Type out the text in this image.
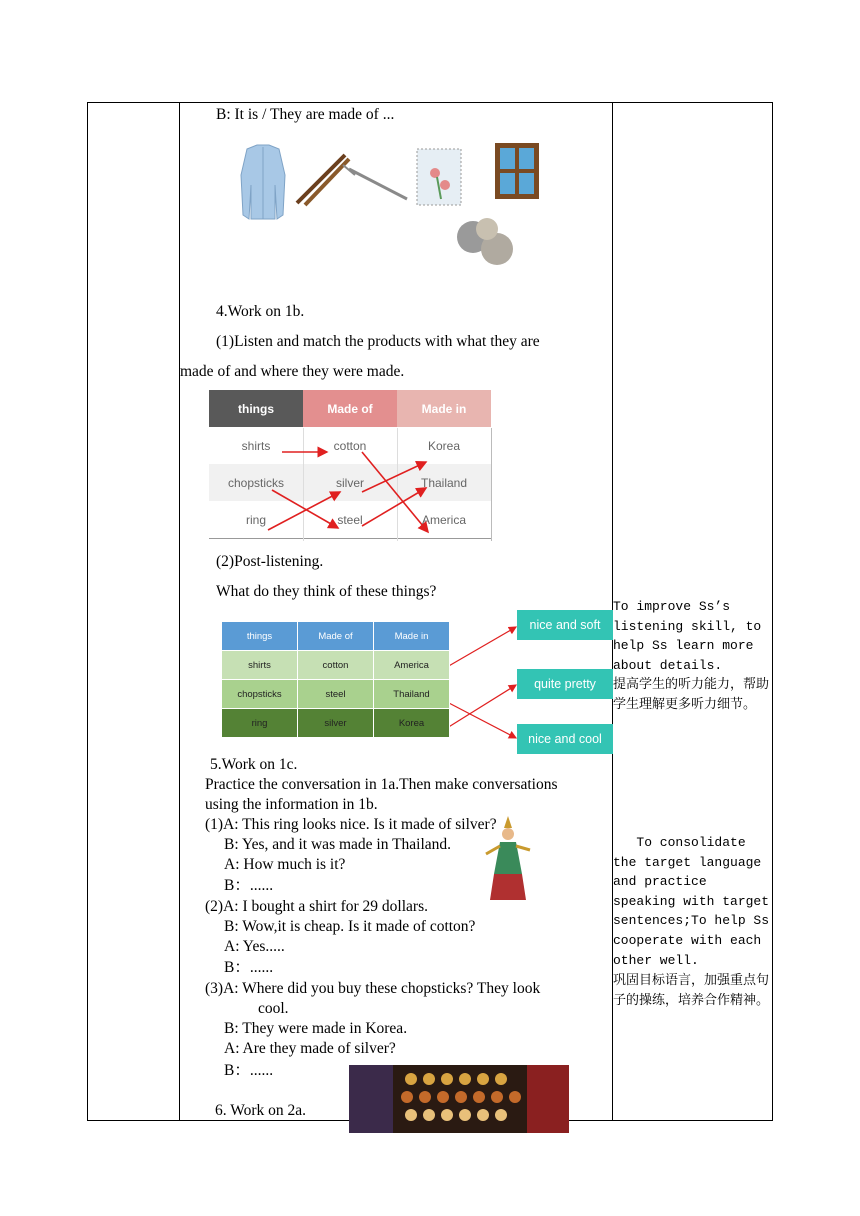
B: It is / They are made of ...
4.Work on 1b.
(1)Listen and match the products with what they are
made of and where they were made.
things	Made of	Made in
shirts	cotton	Korea
chopsticks	silver	Thailand
ring	steel	America
(2)Post-listening.
What do they think of these things?
things	Made of	Made in
shirts	cotton	America
chopsticks	steel	Thailand
ring	silver	Korea
nice and soft
quite pretty
nice and cool
5.Work on 1c.
Practice the conversation in 1a.Then make conversations
using the information in 1b.
(1)A: This ring looks nice. Is it made of silver?
B: Yes, and it was made in Thailand.
A: How much is it?
B：......
(2)A: I bought a shirt for 29 dollars.
B: Wow,it is cheap. Is it made of cotton?
A: Yes.....
B：......
(3)A: Where did you buy these chopsticks? They look
cool.
B: They were made in Korea.
A: Are they made of silver?
B：......
6. Work on 2a.
To improve Ss’s listening skill, to help Ss learn more about details.
提高学生的听力能力，帮助学生理解更多听力细节。
To consolidate the target language and practice speaking with target sentences;To help Ss cooperate with each other well.
巩固目标语言，加强重点句子的操练，培养合作精神。
